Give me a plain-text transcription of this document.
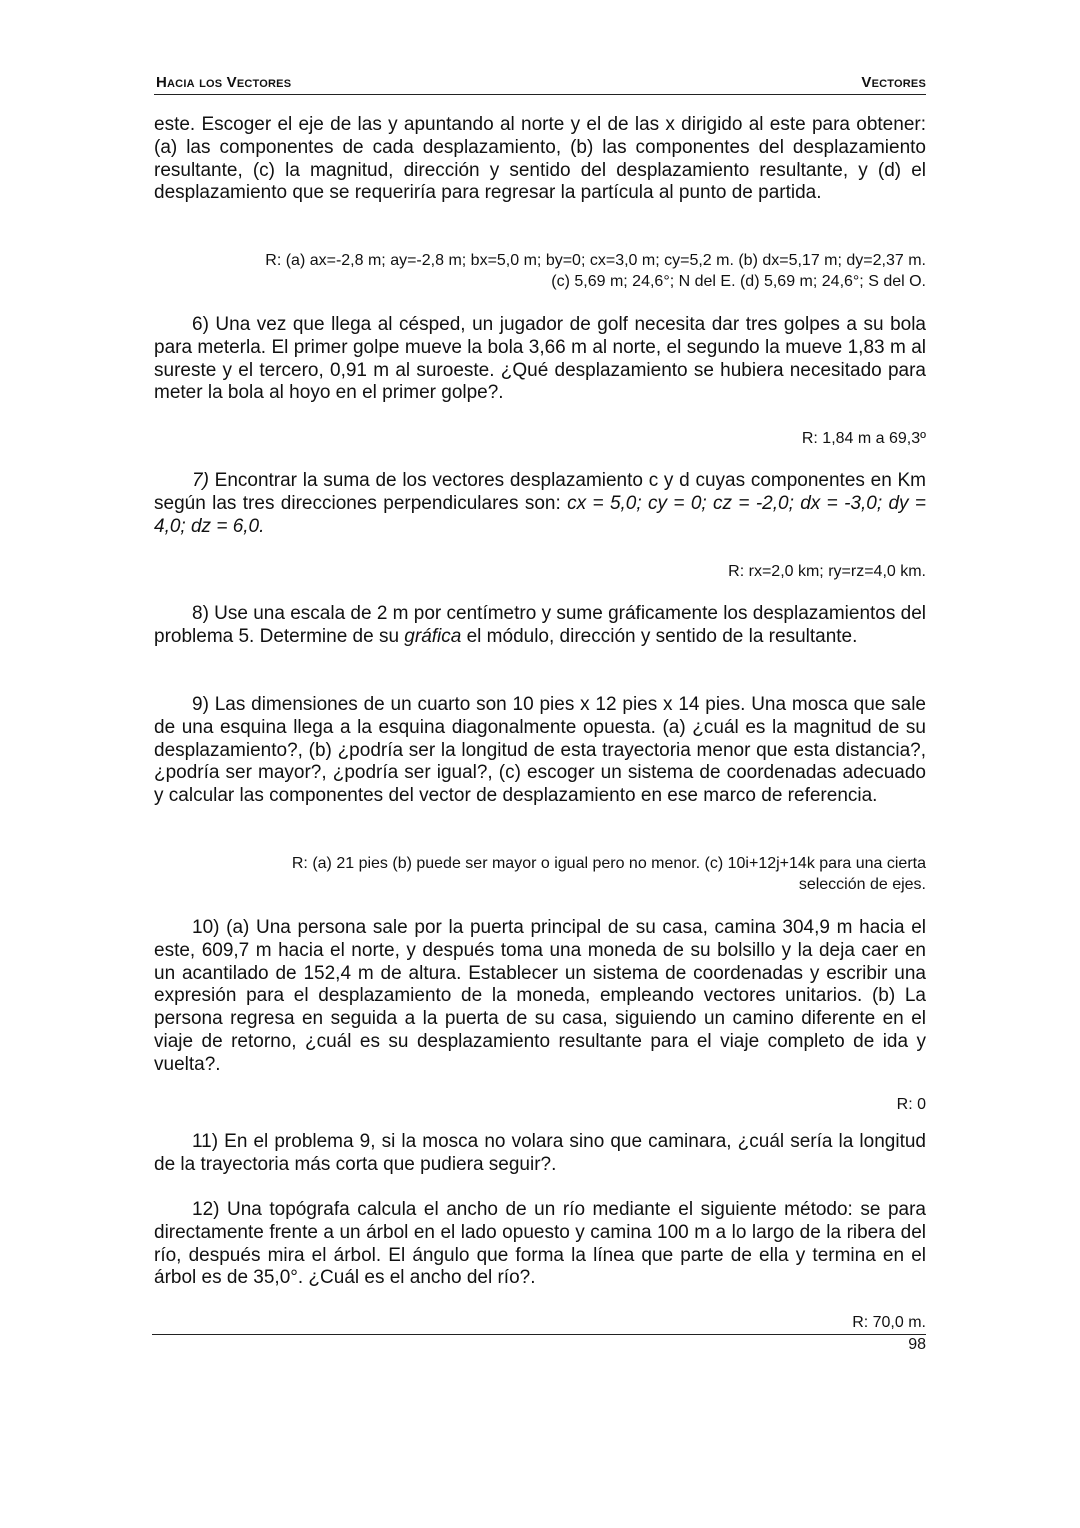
Hacia los Vectores	Vectores
este. Escoger el eje de las y apuntando al norte y el de las x dirigido al este para obtener: (a) las componentes de cada desplazamiento, (b) las componentes del desplazamiento resultante, (c) la magnitud, dirección y sentido del desplazamiento resultante, y (d) el desplazamiento que se requeriría para regresar la partícula al punto de partida.
R: (a) ax=-2,8 m; ay=-2,8 m; bx=5,0 m; by=0; cx=3,0 m; cy=5,2 m. (b) dx=5,17 m; dy=2,37 m.
(c) 5,69 m; 24,6°; N del E. (d) 5,69 m; 24,6°; S del O.
6) Una vez que llega al césped, un jugador de golf necesita dar tres golpes a su bola para meterla. El primer golpe mueve la bola 3,66 m al norte, el segundo la mueve 1,83 m al sureste y el tercero, 0,91 m al suroeste. ¿Qué desplazamiento se hubiera necesitado para meter la bola al hoyo en el primer golpe?.
R: 1,84 m a 69,3º
7) Encontrar la suma de los vectores desplazamiento c y d cuyas componentes en Km según las tres direcciones perpendiculares son: cx = 5,0; cy = 0; cz = -2,0; dx = -3,0; dy = 4,0; dz = 6,0.
R: rx=2,0 km; ry=rz=4,0 km.
8) Use una escala de 2 m por centímetro y sume gráficamente los desplazamientos del problema 5. Determine de su gráfica el módulo, dirección y sentido de la resultante.
9) Las dimensiones de un cuarto son 10 pies x 12 pies x 14 pies. Una mosca que sale de una esquina llega a la esquina diagonalmente opuesta. (a) ¿cuál es la magnitud de su desplazamiento?, (b) ¿podría ser la longitud de esta trayectoria menor que esta distancia?, ¿podría ser mayor?, ¿podría ser igual?, (c) escoger un sistema de coordenadas adecuado y calcular las componentes del vector de desplazamiento en ese marco de referencia.
R: (a) 21 pies (b) puede ser mayor o igual pero no menor. (c) 10i+12j+14k para una cierta
selección de ejes.
10) (a) Una persona sale por la puerta principal de su casa, camina 304,9 m hacia el este, 609,7 m hacia el norte, y después toma una moneda de su bolsillo y la deja caer en un acantilado de 152,4 m de altura. Establecer un sistema de coordenadas y escribir una expresión para el desplazamiento de la moneda, empleando vectores unitarios. (b) La persona regresa en seguida a la puerta de su casa, siguiendo un camino diferente en el viaje de retorno, ¿cuál es su desplazamiento resultante para el viaje completo de ida y vuelta?.
R: 0
11) En el problema 9, si la mosca no volara sino que caminara, ¿cuál sería la longitud de la trayectoria más corta que pudiera seguir?.
12) Una topógrafa calcula el ancho de un río mediante el siguiente método: se para directamente frente a un árbol en el lado opuesto y camina 100 m a lo largo de la ribera del río, después mira el árbol. El ángulo que forma la línea que parte de ella y termina en el árbol es de 35,0°. ¿Cuál es el ancho del río?.
R: 70,0 m.
98
